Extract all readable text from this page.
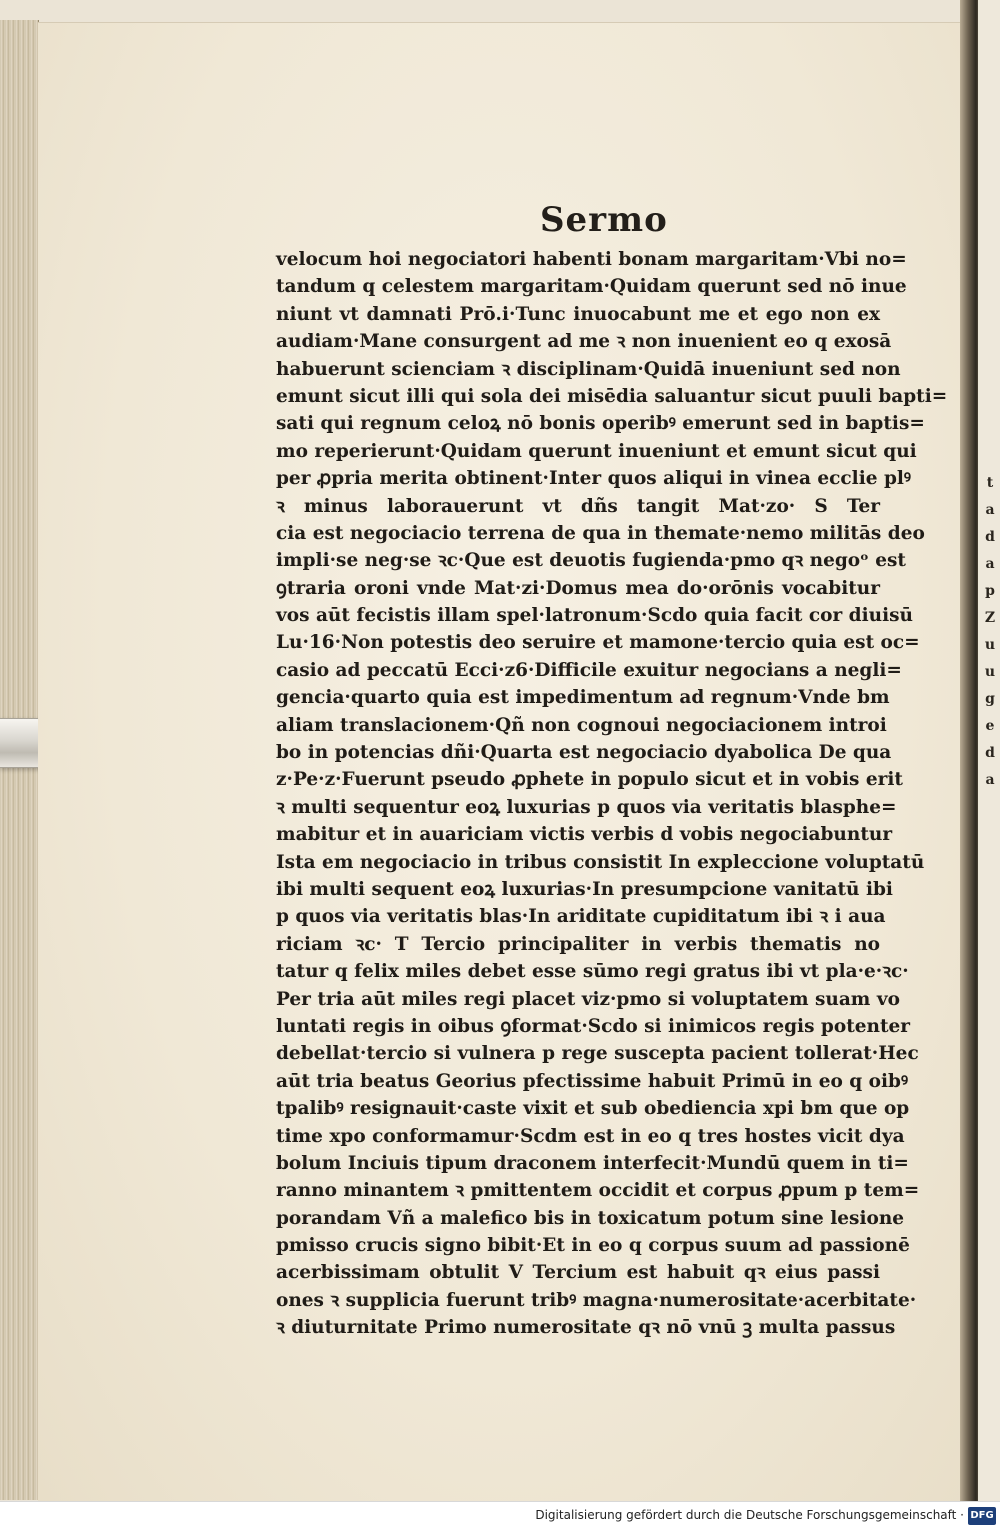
t
a
d
a
p
Z
u
u
g
e
d
a
Sermo
velocum hoi negociatori habenti bonam margaritam·Vbi no=
tandum q celestem margaritam·Quidam querunt sed nō inue
niunt vt damnati Prō.i·Tunc inuocabunt me et ego non ex
audiam·Mane consurgent ad me ꝛ non inuenient eo q exosā
habuerunt scienciam ꝛ disciplinam·Quidā inueniunt sed non
emunt sicut illi qui sola dei misēdia saluantur sicut puuli bapti=
sati qui regnum celoꝝ nō bonis operibꝰ emerunt sed in baptis=
mo reperierunt·Quidam querunt inueniunt et emunt sicut qui
per ꝓpria merita obtinent·Inter quos aliqui in vinea ecclie plꝰ
ꝛ minus laborauerunt vt dñs tangit Mat·zo· S Ter
cia est negociacio terrena de qua in themate·nemo militās deo
impli·se neg·se ꝛc·Que est deuotis fugienda·pmo qꝛ negoᵒ est
ꝯtraria oroni vnde Mat·zi·Domus mea do·orōnis vocabitur
vos aūt fecistis illam spel·latronum·Scdo quia facit cor diuisū
Lu·16·Non potestis deo seruire et mamone·tercio quia est oc=
casio ad peccatū Ecci·z6·Difficile exuitur negocians a negli=
gencia·quarto quia est impedimentum ad regnum·Vnde bm
aliam translacionem·Qñ non cognoui negociacionem introi
bo in potencias dñi·Quarta est negociacio dyabolica De qua
z·Pe·z·Fuerunt pseudo ꝓphete in populo sicut et in vobis erit
ꝛ multi sequentur eoꝝ luxurias p quos via veritatis blasphe=
mabitur et in auariciam victis verbis d vobis negociabuntur
Ista em negociacio in tribus consistit In expleccione voluptatū
ibi multi sequent eoꝝ luxurias·In presumpcione vanitatū ibi
p quos via veritatis blas·In ariditate cupiditatum ibi ꝛ i aua
riciam ꝛc· T Tercio principaliter in verbis thematis no
tatur q felix miles debet esse sūmo regi gratus ibi vt pla·e·ꝛc·
Per tria aūt miles regi placet viz·pmo si voluptatem suam vo
luntati regis in oibus ꝯformat·Scdo si inimicos regis potenter
debellat·tercio si vulnera p rege suscepta pacient tollerat·Hec
aūt tria beatus Georius pfectissime habuit Primū in eo q oibꝰ
tpalibꝰ resignauit·caste vixit et sub obediencia xpi bm que op
time xpo conformamur·Scdm est in eo q tres hostes vicit dya
bolum Inciuis tipum draconem interfecit·Mundū quem in ti=
ranno minantem ꝛ pmittentem occidit et corpus ꝓpum p tem=
porandam Vñ a malefico bis in toxicatum potum sine lesione
pmisso crucis signo bibit·Et in eo q corpus suum ad passionē
acerbissimam obtulit V Tercium est habuit qꝛ eius passi
ones ꝛ supplicia fuerunt tribꝰ magna·numerositate·acerbitate·
ꝛ diuturnitate Primo numerositate qꝛ nō vnū ꝫ multa passus
Digitalisierung gefördert durch die Deutsche Forschungsgemeinschaft · DFG
